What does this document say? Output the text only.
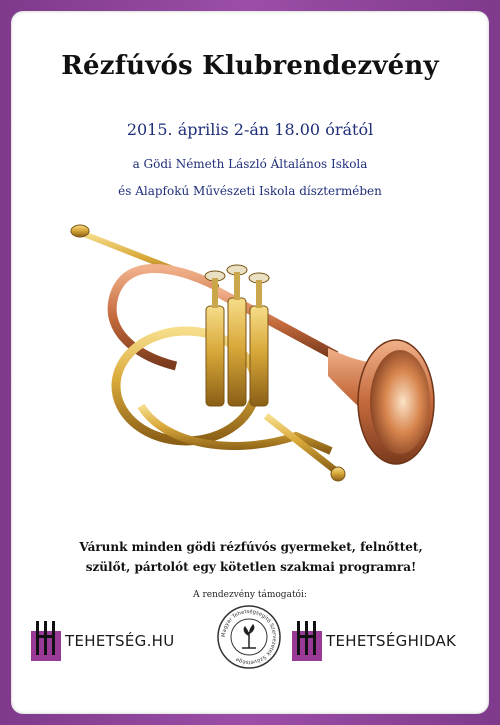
Rézfúvós Klubrendezvény
2015. április 2-án 18.00 órától
a Gödi Németh László Általános Iskola
és Alapfokú Művészeti Iskola dísztermében
Várunk minden gödi rézfúvós gyermeket, felnőttet, szülőt, pártolót egy kötetlen szakmai programra!
A rendezvény támogatói:
TEHETSÉG.HU	Magyar Tehetségsegítő Szervezetek Szövetsége
TEHETSÉGHIDAK
